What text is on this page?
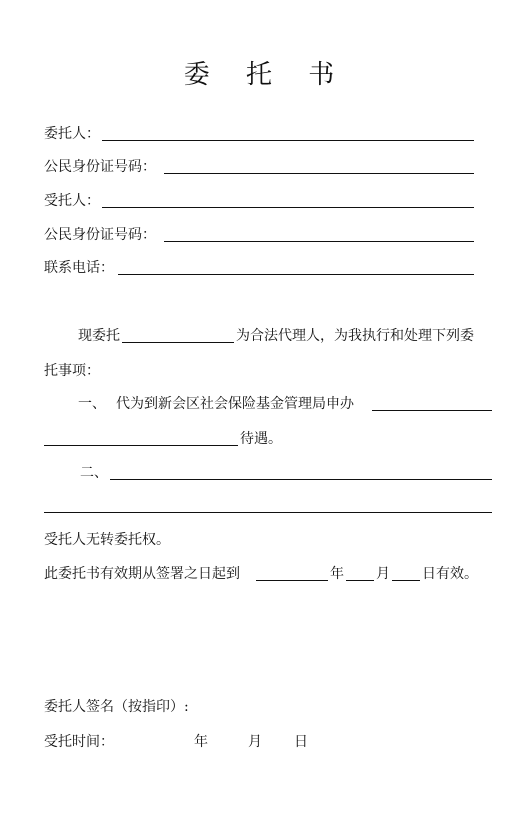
委 托 书
委托人：
公民身份证号码：
受托人：
公民身份证号码：
联系电话：
现委托	为合法代理人，为我执行和处理下列委
托事项：
一、 代为到新会区社会保险基金管理局申办
待遇。
二、
受托人无转委托权。
此委托书有效期从签署之日起到	年 月 日有效。
委托人签名（按指印）:
受托时间：	年	月 日
